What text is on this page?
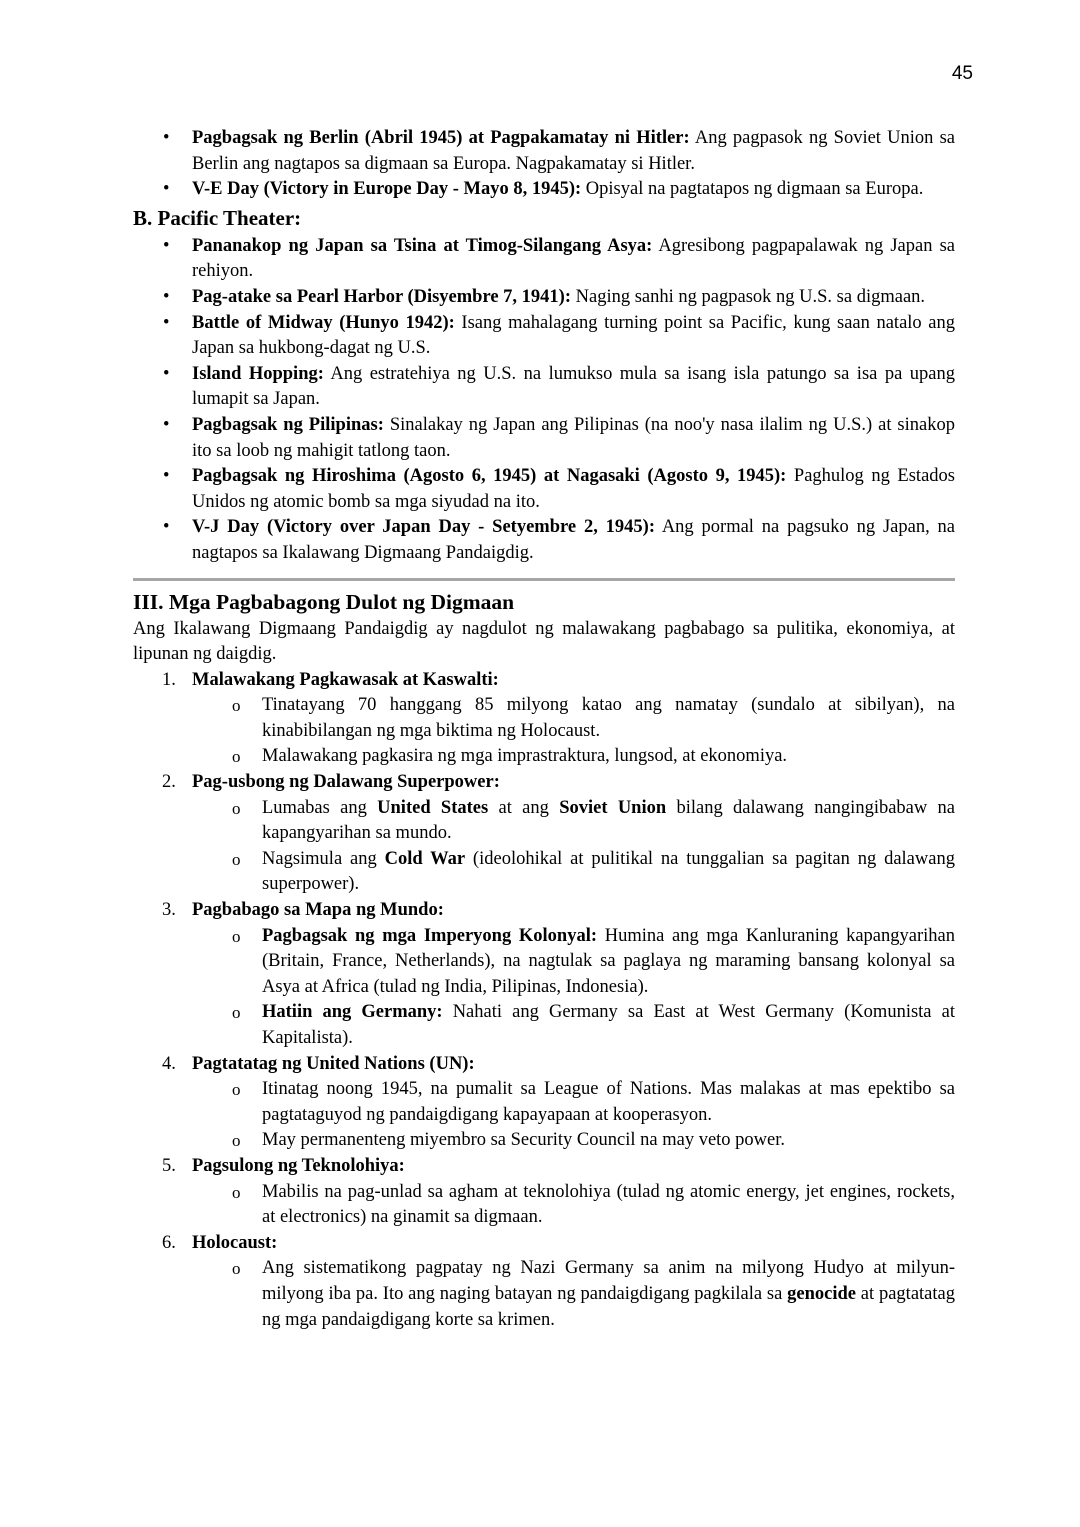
45
•	Pagbagsak ng Berlin (Abril 1945) at Pagpakamatay ni Hitler: Ang pagpasok ng Soviet Union sa Berlin ang nagtapos sa digmaan sa Europa. Nagpakamatay si Hitler.
•	V-E Day (Victory in Europe Day - Mayo 8, 1945): Opisyal na pagtatapos ng digmaan sa Europa.
B. Pacific Theater:
•	Pananakop ng Japan sa Tsina at Timog-Silangang Asya: Agresibong pagpapalawak ng Japan sa rehiyon.
•	Pag-atake sa Pearl Harbor (Disyembre 7, 1941): Naging sanhi ng pagpasok ng U.S. sa digmaan.
•	Battle of Midway (Hunyo 1942): Isang mahalagang turning point sa Pacific, kung saan natalo ang Japan sa hukbong-dagat ng U.S.
•	Island Hopping: Ang estratehiya ng U.S. na lumukso mula sa isang isla patungo sa isa pa upang lumapit sa Japan.
•	Pagbagsak ng Pilipinas: Sinalakay ng Japan ang Pilipinas (na noo'y nasa ilalim ng U.S.) at sinakop ito sa loob ng mahigit tatlong taon.
•	Pagbagsak ng Hiroshima (Agosto 6, 1945) at Nagasaki (Agosto 9, 1945): Paghulog ng Estados Unidos ng atomic bomb sa mga siyudad na ito.
•	V-J Day (Victory over Japan Day - Setyembre 2, 1945): Ang pormal na pagsuko ng Japan, na nagtapos sa Ikalawang Digmaang Pandaigdig.
III. Mga Pagbabagong Dulot ng Digmaan

Ang Ikalawang Digmaang Pandaigdig ay nagdulot ng malawakang pagbabago sa pulitika, ekonomiya, at lipunan ng daigdig.

1. Malawakang Pagkawasak at Kaswalti:
o	Tinatayang 70 hanggang 85 milyong katao ang namatay (sundalo at sibilyan), na kinabibilangan ng mga biktima ng Holocaust.
o	Malawakang pagkasira ng mga imprastraktura, lungsod, at ekonomiya.
2. Pag-usbong ng Dalawang Superpower:
o	Lumabas ang United States at ang Soviet Union bilang dalawang nangingibabaw na kapangyarihan sa mundo.
o	Nagsimula ang Cold War (ideolohikal at pulitikal na tunggalian sa pagitan ng dalawang superpower).
3. Pagbabago sa Mapa ng Mundo:
o	Pagbagsak ng mga Imperyong Kolonyal: Humina ang mga Kanluraning kapangyarihan (Britain, France, Netherlands), na nagtulak sa paglaya ng maraming bansang kolonyal sa Asya at Africa (tulad ng India, Pilipinas, Indonesia).
o	Hatiin ang Germany: Nahati ang Germany sa East at West Germany (Komunista at Kapitalista).
4. Pagtatatag ng United Nations (UN):
o	Itinatag noong 1945, na pumalit sa League of Nations. Mas malakas at mas epektibo sa pagtataguyod ng pandaigdigang kapayapaan at kooperasyon.
o	May permanenteng miyembro sa Security Council na may veto power.
5. Pagsulong ng Teknolohiya:
o	Mabilis na pag-unlad sa agham at teknolohiya (tulad ng atomic energy, jet engines, rockets, at electronics) na ginamit sa digmaan.
6. Holocaust:
o	Ang sistematikong pagpatay ng Nazi Germany sa anim na milyong Hudyo at milyun-milyong iba pa. Ito ang naging batayan ng pandaigdigang pagkilala sa genocide at pagtatatag ng mga pandaigdigang korte sa krimen.
